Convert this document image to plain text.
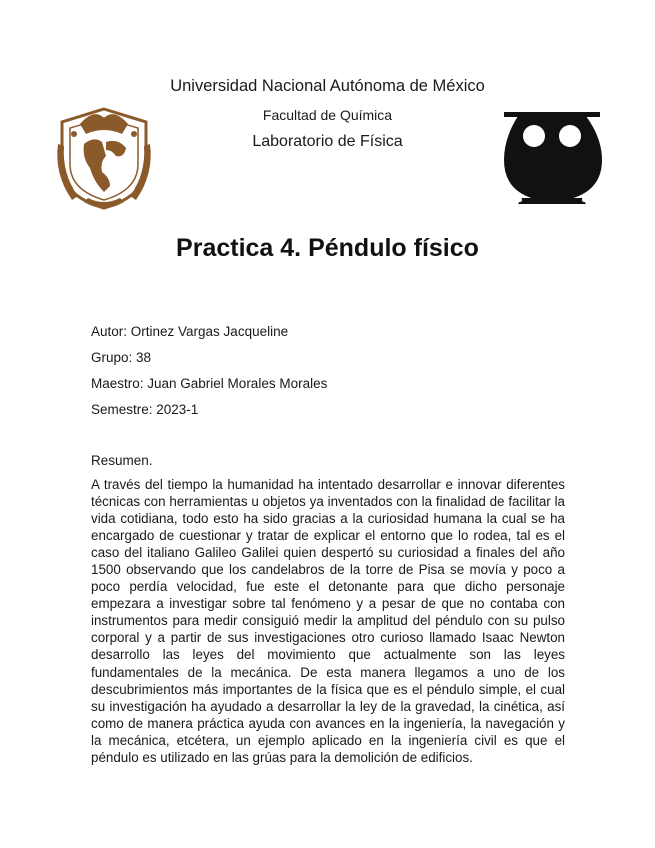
Universidad Nacional Autónoma de México
Facultad de Química
Laboratorio de Física
Practica 4. Péndulo físico
Autor: Ortinez Vargas Jacqueline
Grupo: 38
Maestro: Juan Gabriel Morales Morales
Semestre: 2023-1
Resumen.

A través del tiempo la humanidad ha intentado desarrollar e innovar diferentes técnicas con herramientas u objetos ya inventados con la finalidad de facilitar la vida cotidiana, todo esto ha sido gracias a la curiosidad humana la cual se ha encargado de cuestionar y tratar de explicar el entorno que lo rodea, tal es el caso del italiano Galileo Galilei quien despertó su curiosidad a finales del año 1500 observando que los candelabros de la torre de Pisa se movía y poco a poco perdía velocidad, fue este el detonante para que dicho personaje empezara a investigar sobre tal fenómeno y a pesar de que no contaba con instrumentos para medir consiguió medir la amplitud del péndulo con su pulso corporal y a partir de sus investigaciones otro curioso llamado Isaac Newton desarrollo las leyes del movimiento que actualmente son las leyes fundamentales de la mecánica. De esta manera llegamos a uno de los descubrimientos más importantes de la física que es el péndulo simple, el cual su investigación ha ayudado a desarrollar la ley de la gravedad, la cinética, así como de manera práctica ayuda con avances en la ingeniería, la navegación y la mecánica, etcétera, un ejemplo aplicado en la ingeniería civil es que el péndulo es utilizado en las grúas para la demolición de edificios.
